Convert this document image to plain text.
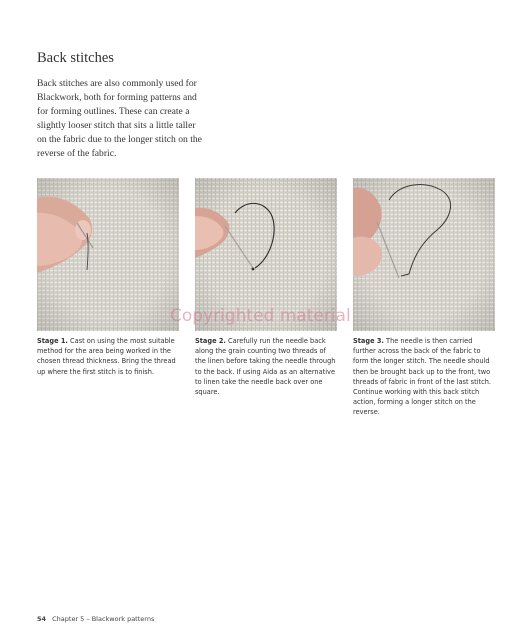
Back stitches
Back stitches are also commonly used for Blackwork, both for forming patterns and for forming outlines. These can create a slightly looser stitch that sits a little taller on the fabric due to the longer stitch on the reverse of the fabric.
Stage 1. Cast on using the most suitable method for the area being worked in the chosen thread thickness. Bring the thread up where the first stitch is to finish.
Stage 2. Carefully run the needle back along the grain counting two threads of the linen before taking the needle through to the back. If using Aida as an alternative to linen take the needle back over one square.
Stage 3. The needle is then carried further across the back of the fabric to form the longer stitch. The needle should then be brought back up to the front, two threads of fabric in front of the last stitch. Continue working with this back stitch action, forming a longer stitch on the reverse.
Copyrighted material
54 Chapter 5 – Blackwork patterns
